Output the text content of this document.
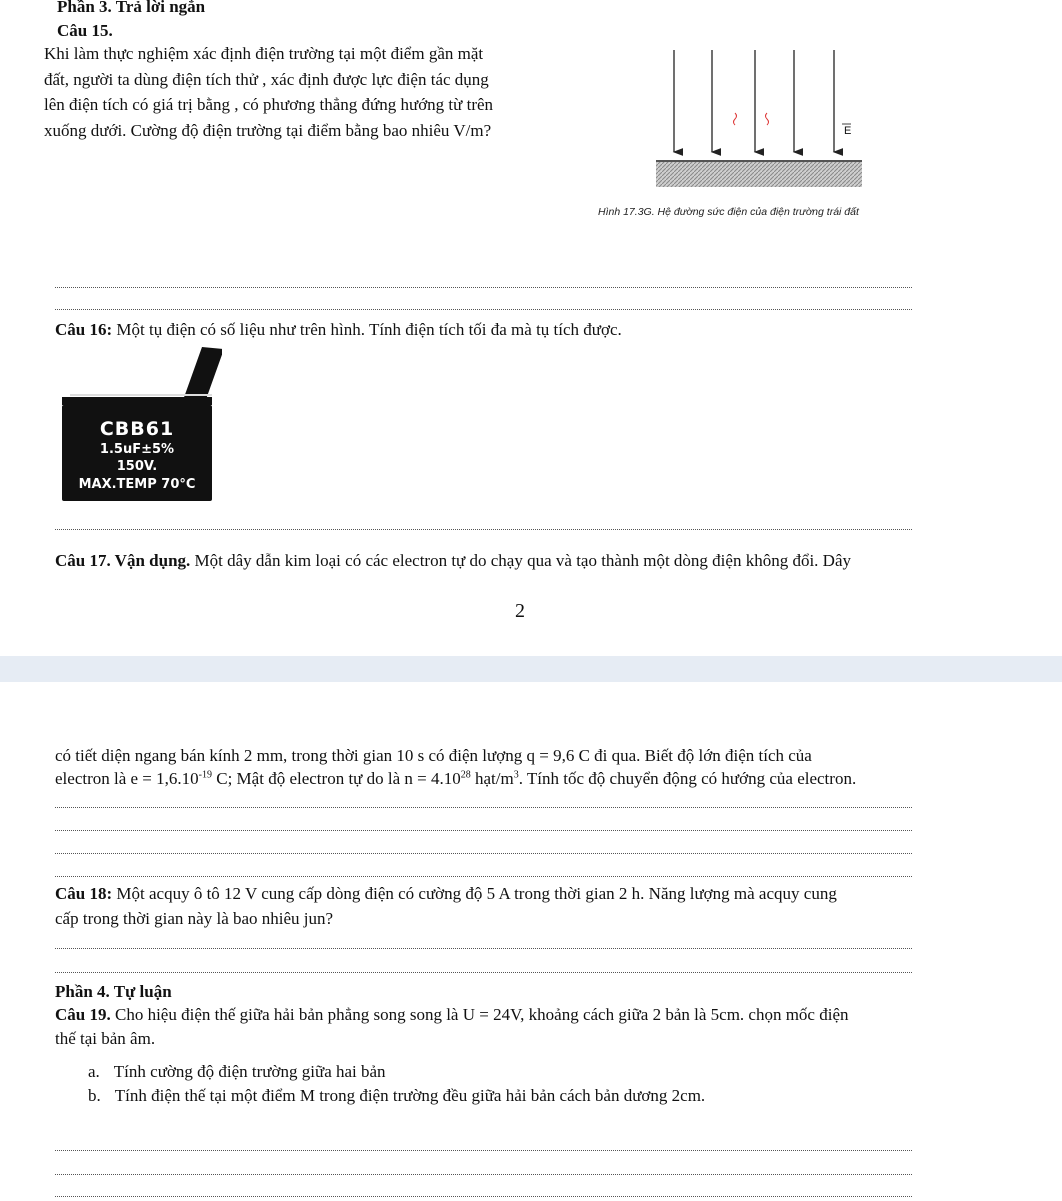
Phần 3. Trả lời ngắn
Câu 15.
Khi làm thực nghiệm xác định điện trường tại một điểm gần mặt
đất, người ta dùng điện tích thử , xác định được lực điện tác dụng
lên điện tích có giá trị bằng , có phương thẳng đứng hướng từ trên
xuống dưới. Cường độ điện trường tại điểm bằng bao nhiêu V/m?	E
Hình 17.3G. Hệ đường sức điện của điện trường trái đất
Câu 16: Một tụ điện có số liệu như trên hình. Tính điện tích tối đa mà tụ tích được.
CBB61
1.5uF±5%
150V.
MAX.TEMP 70°C
Câu 17. Vận dụng. Một dây dẫn kim loại có các electron tự do chạy qua và tạo thành một dòng điện không đổi. Dây
2
có tiết diện ngang bán kính 2 mm, trong thời gian 10 s có điện lượng q = 9,6 C đi qua. Biết độ lớn điện tích của
electron là $e = 1,6.10^{-19}$ C; Mật độ electron tự do là $n = 4.10^{28}$ hạt/$m^3$. Tính tốc độ chuyển động có hướng của electron.
Câu 18: Một acquy ô tô 12 V cung cấp dòng điện có cường độ 5 A trong thời gian 2 h. Năng lượng mà acquy cung
cấp trong thời gian này là bao nhiêu jun?
Phần 4. Tự luận
Câu 19. Cho hiệu điện thế giữa hải bản phẳng song song là U = 24V, khoảng cách giữa 2 bản là 5cm. chọn mốc điện
thế tại bản âm.
a. Tính cường độ điện trường giữa hai bản
b. Tính điện thế tại một điểm M trong điện trường đều giữa hải bản cách bản dương 2cm.
